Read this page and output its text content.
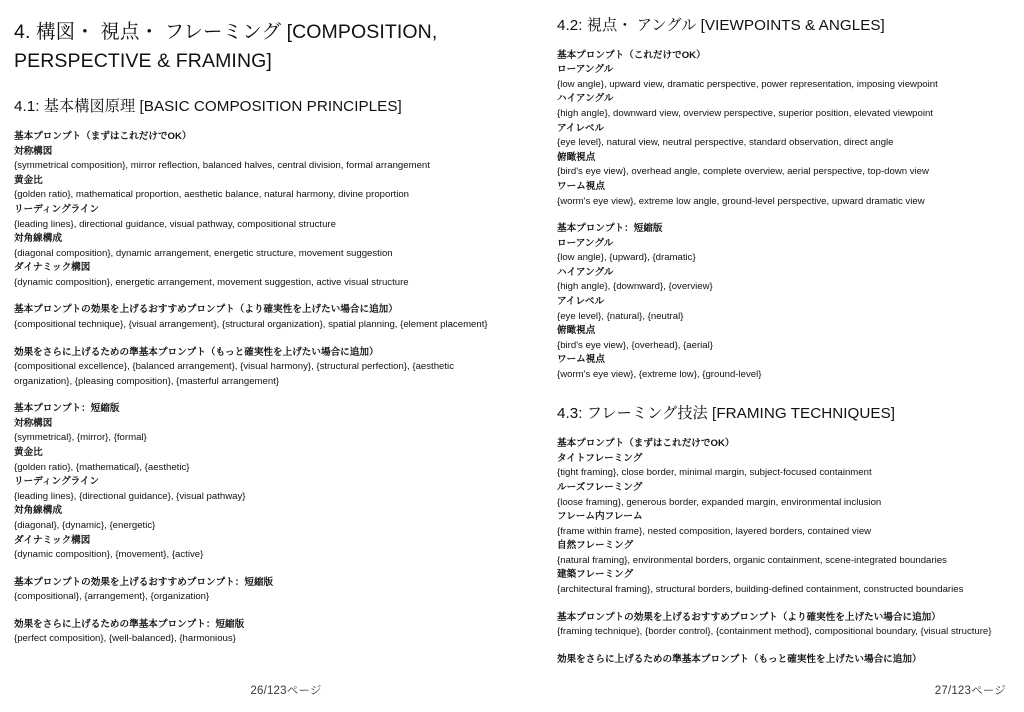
4. 構図・ 視点・ フレーミング [COMPOSITION, PERSPECTIVE & FRAMING]
4.1: 基本構図原理 [BASIC COMPOSITION PRINCIPLES]

基本プロンプト（まずはこれだけでOK）

対称構図

{symmetrical composition}, mirror reflection, balanced halves, central division, formal arrangement

黄金比

{golden ratio}, mathematical proportion, aesthetic balance, natural harmony, divine proportion

リーディングライン

{leading lines}, directional guidance, visual pathway, compositional structure

対角線構成

{diagonal composition}, dynamic arrangement, energetic structure, movement suggestion

ダイナミック構図

{dynamic composition}, energetic arrangement, movement suggestion, active visual structure

基本プロンプトの効果を上げるおすすめプロンプト（より確実性を上げたい場合に追加）

{compositional technique}, {visual arrangement}, {structural organization}, spatial planning, {element placement}

効果をさらに上げるための準基本プロンプト（もっと確実性を上げたい場合に追加）

{compositional excellence}, {balanced arrangement}, {visual harmony}, {structural perfection}, {aesthetic organization}, {pleasing composition}, {masterful arrangement}

基本プロンプト：短縮版

対称構図

{symmetrical}, {mirror}, {formal}

黄金比

{golden ratio}, {mathematical}, {aesthetic}

リーディングライン

{leading lines}, {directional guidance}, {visual pathway}

対角線構成

{diagonal}, {dynamic}, {energetic}

ダイナミック構図

{dynamic composition}, {movement}, {active}

基本プロンプトの効果を上げるおすすめプロンプト：短縮版

{compositional}, {arrangement}, {organization}

効果をさらに上げるための準基本プロンプト：短縮版

{perfect composition}, {well-balanced}, {harmonious}

26/123ページ
4.2: 視点・ アングル [VIEWPOINTS & ANGLES]

基本プロンプト（これだけでOK）

ローアングル

{low angle}, upward view, dramatic perspective, power representation, imposing viewpoint

ハイアングル

{high angle}, downward view, overview perspective, superior position, elevated viewpoint

アイレベル

{eye level}, natural view, neutral perspective, standard observation, direct angle

俯瞰視点

{bird's eye view}, overhead angle, complete overview, aerial perspective, top-down view

ワーム視点

{worm's eye view}, extreme low angle, ground-level perspective, upward dramatic view

基本プロンプト：短縮版

ローアングル

{low angle}, {upward}, {dramatic}

ハイアングル

{high angle}, {downward}, {overview}

アイレベル

{eye level}, {natural}, {neutral}

俯瞰視点

{bird's eye view}, {overhead}, {aerial}

ワーム視点

{worm's eye view}, {extreme low}, {ground-level}

4.3: フレーミング技法 [FRAMING TECHNIQUES]

基本プロンプト（まずはこれだけでOK）

タイトフレーミング

{tight framing}, close border, minimal margin, subject-focused containment

ルーズフレーミング

{loose framing}, generous border, expanded margin, environmental inclusion

フレーム内フレーム

{frame within frame}, nested composition, layered borders, contained view

自然フレーミング

{natural framing}, environmental borders, organic containment, scene-integrated boundaries

建築フレーミング

{architectural framing}, structural borders, building-defined containment, constructed boundaries

基本プロンプトの効果を上げるおすすめプロンプト（より確実性を上げたい場合に追加）

{framing technique}, {border control}, {containment method}, compositional boundary, {visual structure}

効果をさらに上げるための準基本プロンプト（もっと確実性を上げたい場合に追加）

27/123ページ
